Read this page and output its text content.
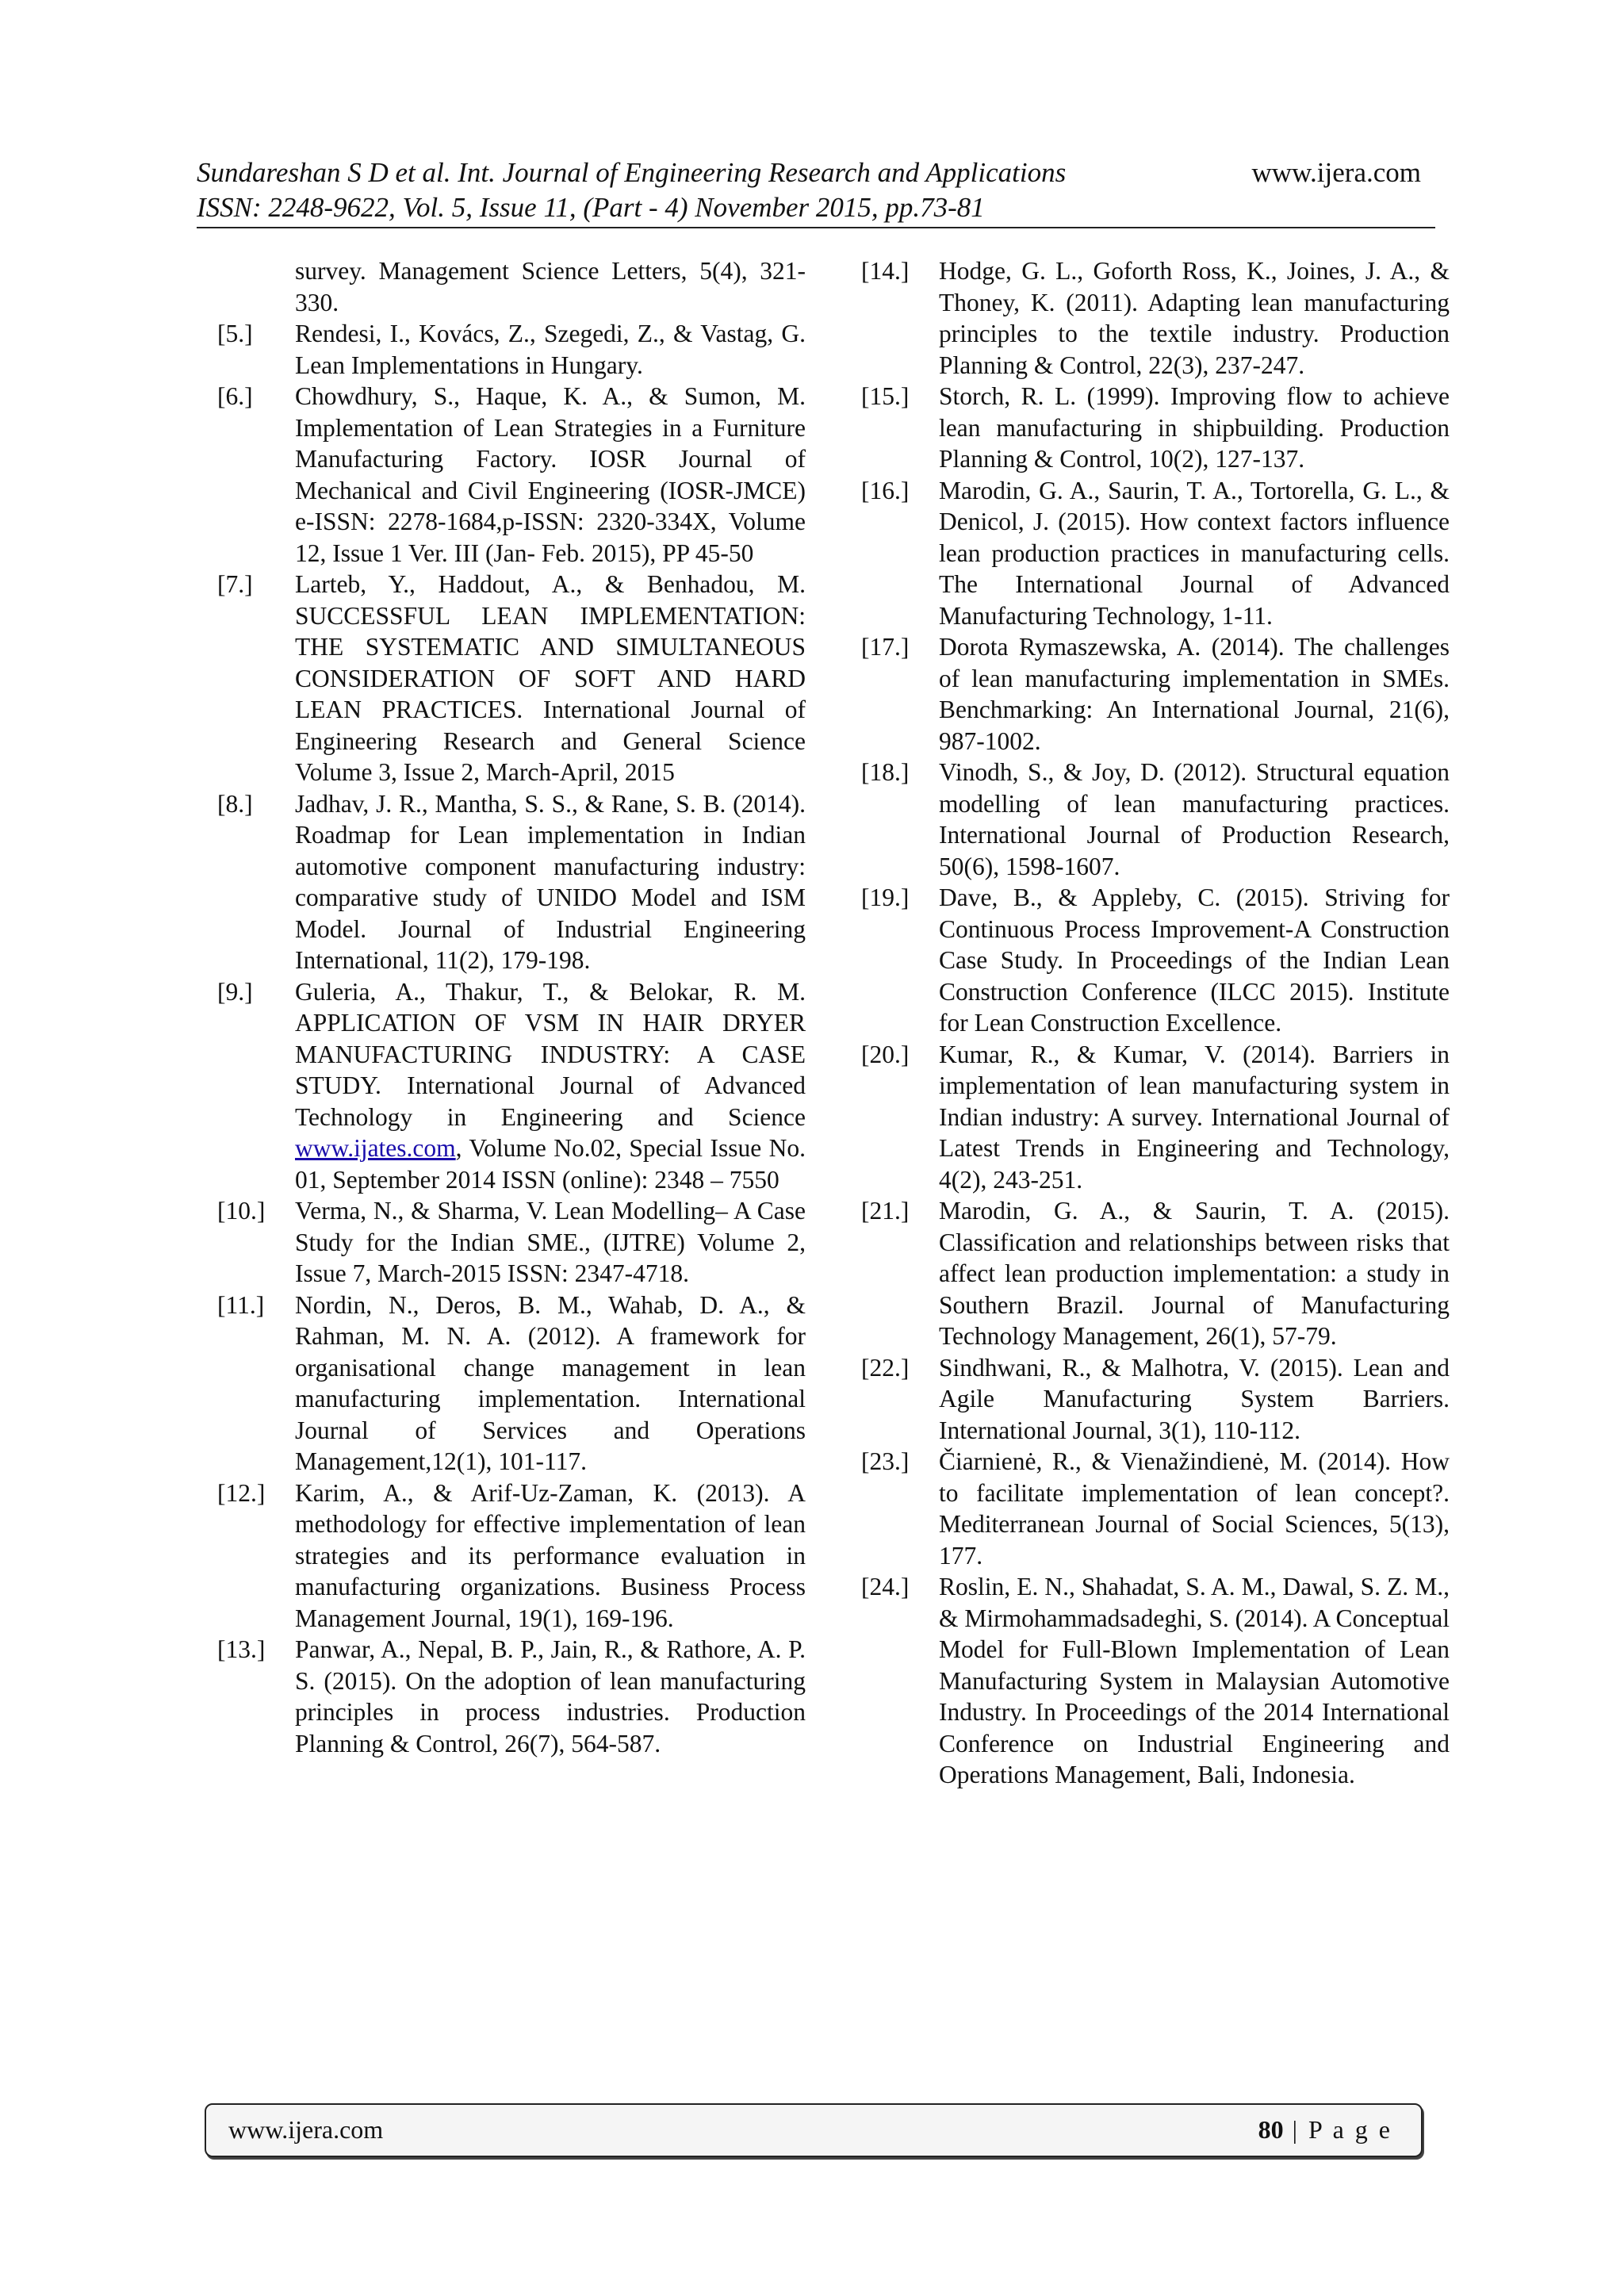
Sundareshan S D et al. Int. Journal of Engineering Research and Applications	www.ijera.com
ISSN: 2248-9622, Vol. 5, Issue 11, (Part - 4) November 2015, pp.73-81

survey. Management Science Letters, 5(4), 321-330.

[5.] Rendesi, I., Kovács, Z., Szegedi, Z., & Vastag, G. Lean Implementations in Hungary.

[6.] Chowdhury, S., Haque, K. A., & Sumon, M. Implementation of Lean Strategies in a Furniture Manufacturing Factory. IOSR Journal of Mechanical and Civil Engineering (IOSR-JMCE) e-ISSN: 2278-1684,p-ISSN: 2320-334X, Volume 12, Issue 1 Ver. III (Jan- Feb. 2015), PP 45-50

[7.] Larteb, Y., Haddout, A., & Benhadou, M. SUCCESSFUL LEAN IMPLEMENTATION: THE SYSTEMATIC AND SIMULTANEOUS CONSIDERATION OF SOFT AND HARD LEAN PRACTICES. International Journal of Engineering Research and General Science Volume 3, Issue 2, March-April, 2015

[8.] Jadhav, J. R., Mantha, S. S., & Rane, S. B. (2014). Roadmap for Lean implementation in Indian automotive component manufacturing industry: comparative study of UNIDO Model and ISM Model. Journal of Industrial Engineering International, 11(2), 179-198.

[9.] Guleria, A., Thakur, T., & Belokar, R. M. APPLICATION OF VSM IN HAIR DRYER MANUFACTURING INDUSTRY: A CASE STUDY. International Journal of Advanced Technology in Engineering and Science www.ijates.com, Volume No.02, Special Issue No. 01, September 2014 ISSN (online): 2348 – 7550

[10.] Verma, N., & Sharma, V. Lean Modelling– A Case Study for the Indian SME., (IJTRE) Volume 2, Issue 7, March-2015 ISSN: 2347-4718.

[11.] Nordin, N., Deros, B. M., Wahab, D. A., & Rahman, M. N. A. (2012). A framework for organisational change management in lean manufacturing implementation. International Journal of Services and Operations Management,12(1), 101-117.

[12.] Karim, A., & Arif-Uz-Zaman, K. (2013). A methodology for effective implementation of lean strategies and its performance evaluation in manufacturing organizations. Business Process Management Journal, 19(1), 169-196.

[13.] Panwar, A., Nepal, B. P., Jain, R., & Rathore, A. P. S. (2015). On the adoption of lean manufacturing principles in process industries. Production Planning & Control, 26(7), 564-587.

[14.] Hodge, G. L., Goforth Ross, K., Joines, J. A., & Thoney, K. (2011). Adapting lean manufacturing principles to the textile industry. Production Planning & Control, 22(3), 237-247.

[15.] Storch, R. L. (1999). Improving flow to achieve lean manufacturing in shipbuilding. Production Planning & Control, 10(2), 127-137.

[16.] Marodin, G. A., Saurin, T. A., Tortorella, G. L., & Denicol, J. (2015). How context factors influence lean production practices in manufacturing cells. The International Journal of Advanced Manufacturing Technology, 1-11.

[17.] Dorota Rymaszewska, A. (2014). The challenges of lean manufacturing implementation in SMEs. Benchmarking: An International Journal, 21(6), 987-1002.

[18.] Vinodh, S., & Joy, D. (2012). Structural equation modelling of lean manufacturing practices. International Journal of Production Research, 50(6), 1598-1607.

[19.] Dave, B., & Appleby, C. (2015). Striving for Continuous Process Improvement-A Construction Case Study. In Proceedings of the Indian Lean Construction Conference (ILCC 2015). Institute for Lean Construction Excellence.

[20.] Kumar, R., & Kumar, V. (2014). Barriers in implementation of lean manufacturing system in Indian industry: A survey. International Journal of Latest Trends in Engineering and Technology, 4(2), 243-251.

[21.] Marodin, G. A., & Saurin, T. A. (2015). Classification and relationships between risks that affect lean production implementation: a study in Southern Brazil. Journal of Manufacturing Technology Management, 26(1), 57-79.

[22.] Sindhwani, R., & Malhotra, V. (2015). Lean and Agile Manufacturing System Barriers. International Journal, 3(1), 110-112.

[23.] Čiarnienė, R., & Vienažindienė, M. (2014). How to facilitate implementation of lean concept?. Mediterranean Journal of Social Sciences, 5(13), 177.

[24.] Roslin, E. N., Shahadat, S. A. M., Dawal, S. Z. M., & Mirmohammadsadeghi, S. (2014). A Conceptual Model for Full-Blown Implementation of Lean Manufacturing System in Malaysian Automotive Industry. In Proceedings of the 2014 International Conference on Industrial Engineering and Operations Management, Bali, Indonesia.

www.ijera.com	80 | P a g e
